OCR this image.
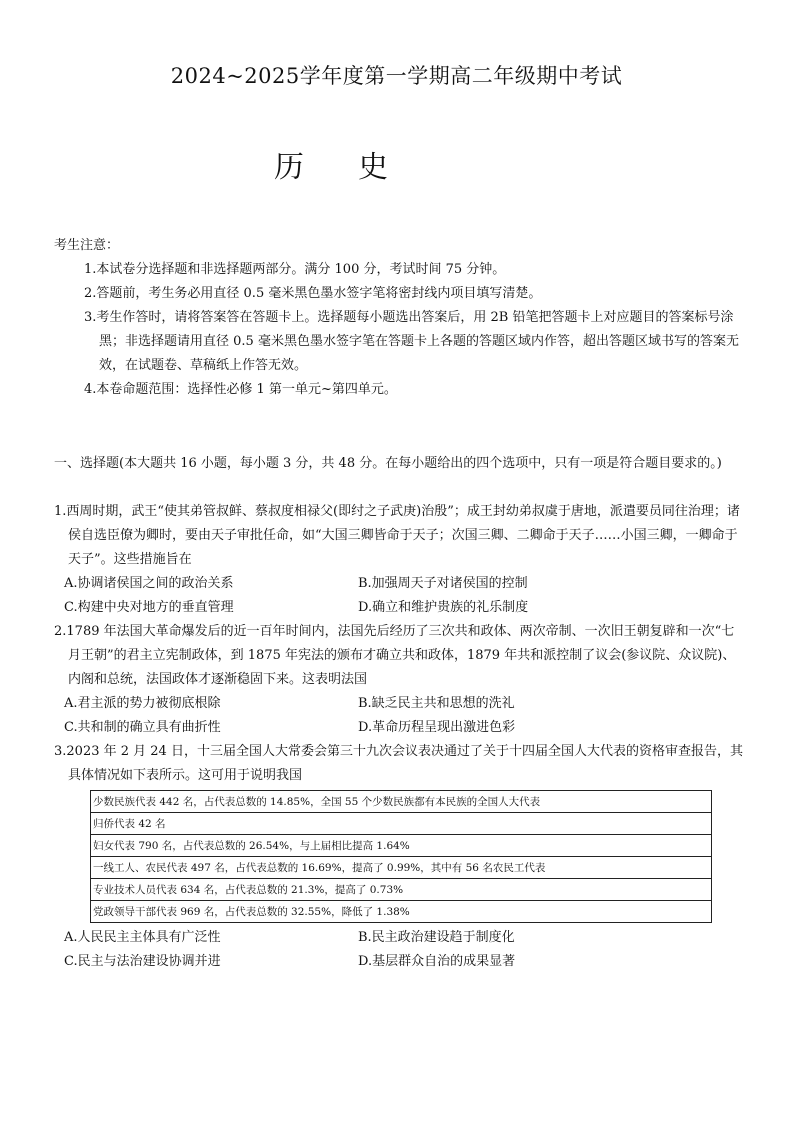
2024~2025学年度第一学期高二年级期中考试
历史
考生注意：
1.本试卷分选择题和非选择题两部分。满分 100 分，考试时间 75 分钟。
2.答题前，考生务必用直径 0.5 毫米黑色墨水签字笔将密封线内项目填写清楚。
3.考生作答时，请将答案答在答题卡上。选择题每小题选出答案后，用 2B 铅笔把答题卡上对应题目的答案标号涂黑；非选择题请用直径 0.5 毫米黑色墨水签字笔在答题卡上各题的答题区域内作答，超出答题区域书写的答案无效，在试题卷、草稿纸上作答无效。
4.本卷命题范围：选择性必修 1 第一单元~第四单元。
一、选择题(本大题共 16 小题，每小题 3 分，共 48 分。在每小题给出的四个选项中，只有一项是符合题目要求的。)

1.西周时期，武王“使其弟管叔鲜、蔡叔度相禄父(即纣之子武庚)治殷”；成王封幼弟叔虞于唐地，派遣要员同往治理；诸侯自选臣僚为卿时，要由天子审批任命，如“大国三卿皆命于天子；次国三卿、二卿命于天子……小国三卿，一卿命于天子”。这些措施旨在

A.协调诸侯国之间的政治关系	B.加强周天子对诸侯国的控制
C.构建中央对地方的垂直管理	D.确立和维护贵族的礼乐制度

2.1789 年法国大革命爆发后的近一百年时间内，法国先后经历了三次共和政体、两次帝制、一次旧王朝复辟和一次“七月王朝”的君主立宪制政体，到 1875 年宪法的颁布才确立共和政体，1879 年共和派控制了议会(参议院、众议院)、内阁和总统，法国政体才逐渐稳固下来。这表明法国

A.君主派的势力被彻底根除	B.缺乏民主共和思想的洗礼
C.共和制的确立具有曲折性	D.革命历程呈现出激进色彩

3.2023 年 2 月 24 日，十三届全国人大常委会第三十九次会议表决通过了关于十四届全国人大代表的资格审查报告，其具体情况如下表所示。这可用于说明我国

少数民族代表 442 名，占代表总数的 14.85%，全国 55 个少数民族都有本民族的全国人大代表
归侨代表 42 名
妇女代表 790 名，占代表总数的 26.54%，与上届相比提高 1.64%
一线工人、农民代表 497 名，占代表总数的 16.69%，提高了 0.99%，其中有 56 名农民工代表
专业技术人员代表 634 名，占代表总数的 21.3%，提高了 0.73%
党政领导干部代表 969 名，占代表总数的 32.55%，降低了 1.38%
A.人民民主主体具有广泛性	B.民主政治建设趋于制度化
C.民主与法治建设协调并进	D.基层群众自治的成果显著
